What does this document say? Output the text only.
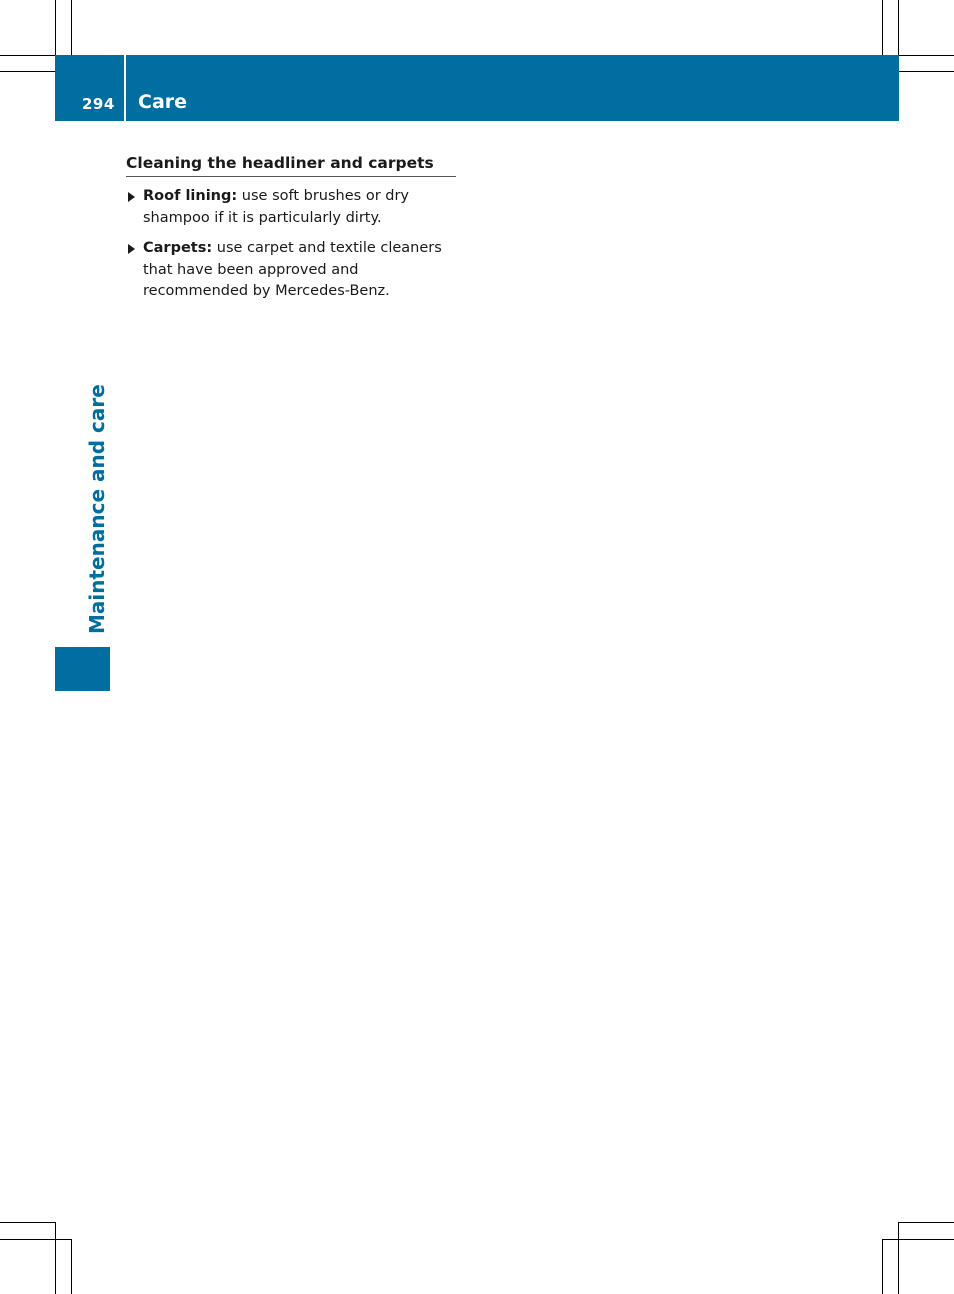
294 Care
Maintenance and care
Cleaning the headliner and carpets
Roof lining: use soft brushes or dry shampoo if it is particularly dirty.
Carpets: use carpet and textile cleaners that have been approved and recommended by Mercedes-Benz.
